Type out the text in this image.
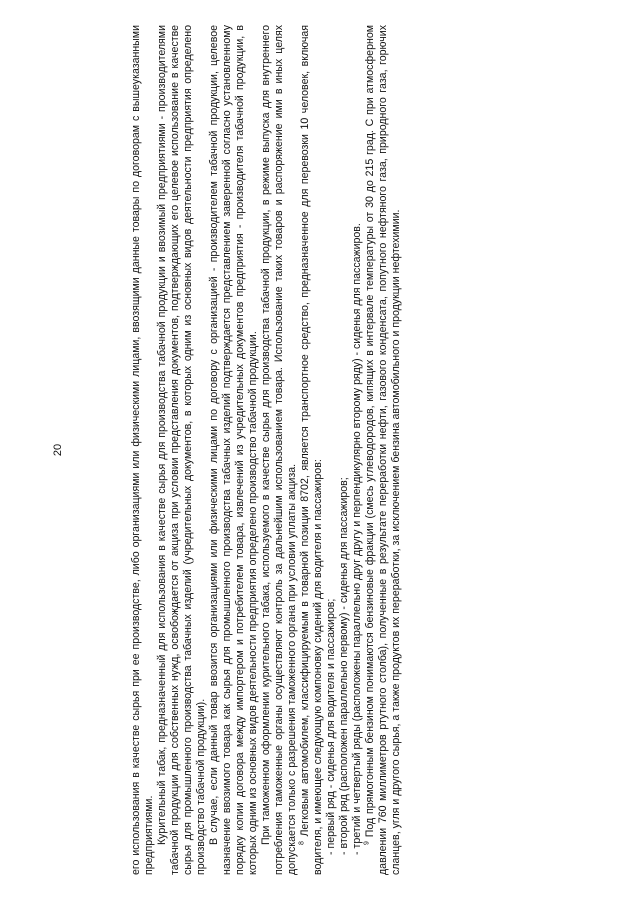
20	его использования в качестве сырья при ее производстве, либо организациями или физическими лицами, ввозящими данные товары по договорам с вышеуказанными предприятиями. Курительный табак, предназначенный для использования в качестве сырья для производства табачной продукции и ввозимый предприятиями - производителями табачной продукции для собственных нужд, освобождается от акциза при условии представления документов, подтверждающих его целевое использование в качестве сырья для промышленного производства табачных изделий (учредительных документов, в которых одним из основных видов деятельности предприятия определено производство табачной продукции). В случае, если данный товар ввозится организациями или физическими лицами по договору с организацией - производителем табачной продукции, целевое назначение ввозимого товара как сырья для промышленного производства табачных изделий подтверждается представлением заверенной согласно установленному порядку копии договора между импортером и потребителем товара, извлечений из учредительных документов предприятия - производителя табачной продукции, в которых одним из основных видов деятельности предприятия определено производство табачной продукции. При таможенном оформлении курительного табака, используемого в качестве сырья для производства табачной продукции, в режиме выпуска для внутреннего потребления таможенные органы осуществляют контроль за дальнейшим использованием товара. Использование таких товаров и распоряжение ими в иных целях допускается только с разрешения таможенного органа при условии уплаты акциза. $^8$ Легковым автомобилем, классифицируемым в товарной позиции 8702, является транспортное средство, предназначенное для перевозки 10 человек, включая водителя, и имеющее следующую компоновку сидений для водителя и пассажиров: - первый ряд - сиденья для водителя и пассажиров; - второй ряд (расположен параллельно первому) - сиденья для пассажиров; - третий и четвертый ряды (расположены параллельно друг другу и перпендикулярно второму ряду) - сиденья для пассажиров. $^9$ Под прямогонным бензином понимаются бензиновые фракции (смесь углеводородов, кипящих в интервале температуры от 30 до 215 град. С при атмосферном давлении 760 миллиметров ртутного столба), полученные в результате переработки нефти, газового конденсата, попутного нефтяного газа, природного газа, горючих сланцев, угля и другого сырья, а также продуктов их переработки, за исключением бензина автомобильного и продукции нефтехимии.
